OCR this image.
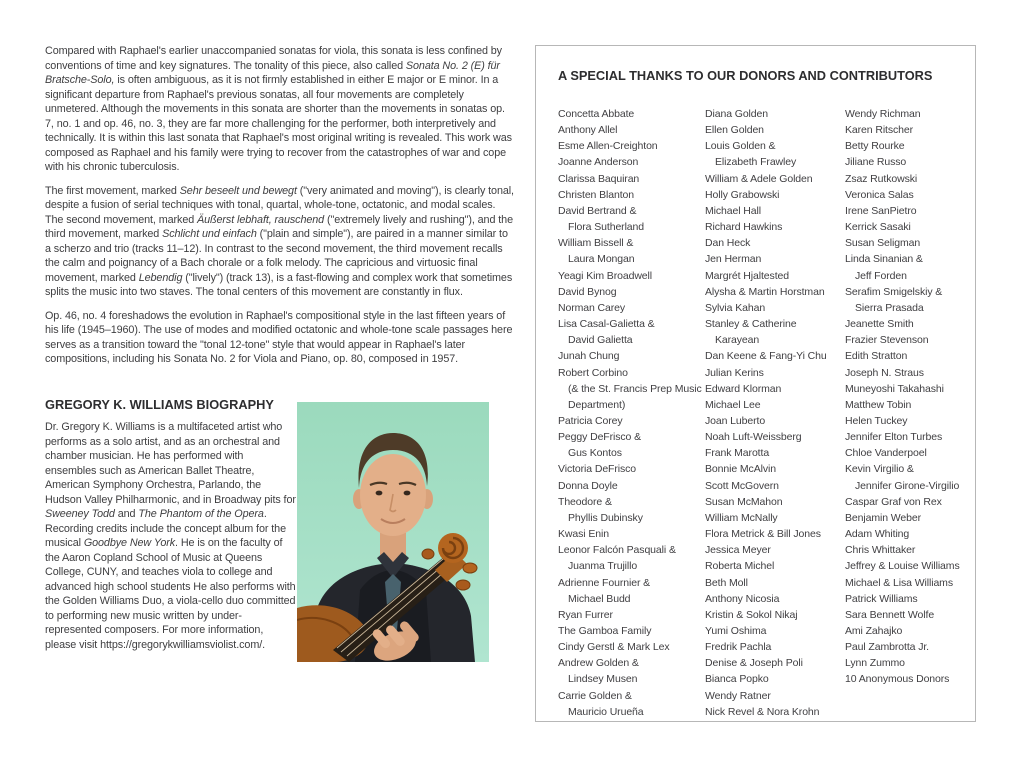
Compared with Raphael's earlier unaccompanied sonatas for viola, this sonata is less confined by conventions of time and key signatures. The tonality of this piece, also called Sonata No. 2 (E) für Bratsche-Solo, is often ambiguous, as it is not firmly established in either E major or E minor. In a significant departure from Raphael's previous sonatas, all four movements are completely unmetered. Although the movements in this sonata are shorter than the movements in sonatas op. 7, no. 1 and op. 46, no. 3, they are far more challenging for the performer, both interpretively and technically. It is within this last sonata that Raphael's most original writing is revealed. This work was composed as Raphael and his family were trying to recover from the catastrophes of war and cope with his chronic tuberculosis.

The first movement, marked Sehr beseelt und bewegt ("very animated and moving"), is clearly tonal, despite a fusion of serial techniques with tonal, quartal, whole-tone, octatonic, and modal scales. The second movement, marked Äußerst lebhaft, rauschend ("extremely lively and rushing"), and the third movement, marked Schlicht und einfach ("plain and simple"), are paired in a manner similar to a scherzo and trio (tracks 11–12). In contrast to the second movement, the third movement recalls the calm and poignancy of a Bach chorale or a folk melody. The capricious and virtuosic final movement, marked Lebendig ("lively") (track 13), is a fast-flowing and complex work that sometimes splits the music into two staves. The tonal centers of this movement are constantly in flux.

Op. 46, no. 4 foreshadows the evolution in Raphael's compositional style in the last fifteen years of his life (1945–1960). The use of modes and modified octatonic and whole-tone scale passages here serves as a transition toward the "tonal 12-tone" style that would appear in Raphael's later compositions, including his Sonata No. 2 for Viola and Piano, op. 80, composed in 1957.

GREGORY K. WILLIAMS BIOGRAPHY
Dr. Gregory K. Williams is a multifaceted artist who performs as a solo artist, and as an orchestral and chamber musician. He has performed with ensembles such as American Ballet Theatre, American Symphony Orchestra, Parlando, the Hudson Valley Philharmonic, and in Broadway pits for Sweeney Todd and The Phantom of the Opera. Recording credits include the concept album for the musical Goodbye New York. He is on the faculty of the Aaron Copland School of Music at Queens College, CUNY, and teaches viola to college and advanced high school students He also performs with the Golden Williams Duo, a viola-cello duo committed to performing new music written by under-represented composers. For more information, please visit https://gregorykwilliamsviolist.com/.
A SPECIAL THANKS TO OUR DONORS AND CONTRIBUTORS
Concetta Abbate
Anthony Allel
Esme Allen-Creighton
Joanne Anderson
Clarissa Baquiran
Christen Blanton
David Bertrand &
Flora Sutherland
William Bissell &
Laura Mongan
Yeagi Kim Broadwell
David Bynog
Norman Carey
Lisa Casal-Galietta &
David Galietta
Junah Chung
Robert Corbino
(& the St. Francis Prep Music
Department)
Patricia Corey
Peggy DeFrisco &
Gus Kontos
Victoria DeFrisco
Donna Doyle
Theodore &
Phyllis Dubinsky
Kwasi Enin
Leonor Falcón Pasquali &
Juanma Trujillo
Adrienne Fournier &
Michael Budd
Ryan Furrer
The Gamboa Family
Cindy Gerstl & Mark Lex
Andrew Golden &
Lindsey Musen
Carrie Golden &
Mauricio Urueña
Diana Golden
Ellen Golden
Louis Golden &
Elizabeth Frawley
William & Adele Golden
Holly Grabowski
Michael Hall
Richard Hawkins
Dan Heck
Jen Herman
Margrét Hjaltested
Alysha & Martin Horstman
Sylvia Kahan
Stanley & Catherine
Karayean
Dan Keene & Fang-Yi Chu
Julian Kerins
Edward Klorman
Michael Lee
Joan Luberto
Noah Luft-Weissberg
Frank Marotta
Bonnie McAlvin
Scott McGovern
Susan McMahon
William McNally
Flora Metrick & Bill Jones
Jessica Meyer
Roberta Michel
Beth Moll
Anthony Nicosia
Kristin & Sokol Nikaj
Yumi Oshima
Fredrik Pachla
Denise & Joseph Poli
Bianca Popko
Wendy Ratner
Nick Revel & Nora Krohn
Wendy Richman
Karen Ritscher
Betty Rourke
Jiliane Russo
Zsaz Rutkowski
Veronica Salas
Irene SanPietro
Kerrick Sasaki
Susan Seligman
Linda Sinanian &
Jeff Forden
Serafim Smigelskiy &
Sierra Prasada
Jeanette Smith
Frazier Stevenson
Edith Stratton
Joseph N. Straus
Muneyoshi Takahashi
Matthew Tobin
Helen Tuckey
Jennifer Elton Turbes
Chloe Vanderpoel
Kevin Virgilio &
Jennifer Girone-Virgilio
Caspar Graf von Rex
Benjamin Weber
Adam Whiting
Chris Whittaker
Jeffrey & Louise Williams
Michael & Lisa Williams
Patrick Williams
Sara Bennett Wolfe
Ami Zahajko
Paul Zambrotta Jr.
Lynn Zummo
10 Anonymous Donors
